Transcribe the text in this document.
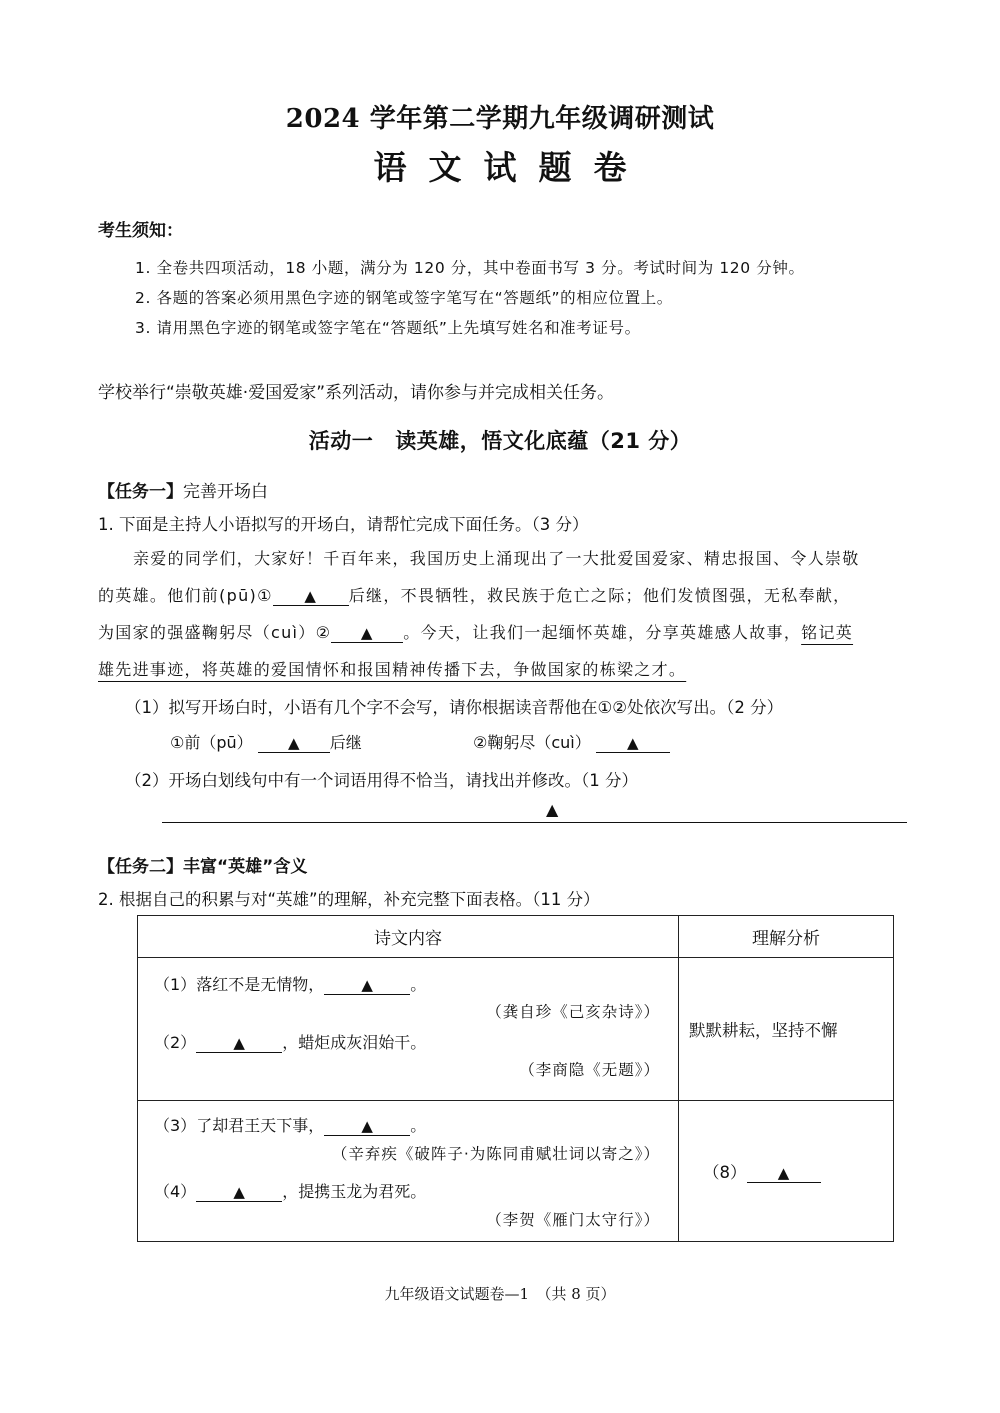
2024 学年第二学期九年级调研测试
语文试题卷
考生须知：
1. 全卷共四项活动，18 小题，满分为 120 分，其中卷面书写 3 分。考试时间为 120 分钟。
2. 各题的答案必须用黑色字迹的钢笔或签字笔写在“答题纸”的相应位置上。
3. 请用黑色字迹的钢笔或签字笔在“答题纸”上先填写姓名和准考证号。
学校举行“崇敬英雄·爱国爱家”系列活动，请你参与并完成相关任务。
活动一 读英雄，悟文化底蕴（21 分）
【任务一】完善开场白
1. 下面是主持人小语拟写的开场白，请帮忙完成下面任务。（3 分）
亲爱的同学们，大家好！千百年来，我国历史上涌现出了一大批爱国爱家、精忠报国、令人崇敬
的英雄。他们前(pū)① ▲ 后继，不畏牺牲，救民族于危亡之际；他们发愤图强，无私奉献，
为国家的强盛鞠躬尽（cuì）② ▲ 。今天，让我们一起缅怀英雄，分享英雄感人故事，铭记英
雄先进事迹，将英雄的爱国情怀和报国精神传播下去，争做国家的栋梁之才。
（1）拟写开场白时，小语有几个字不会写，请你根据读音帮他在①②处依次写出。（2 分）
①前（pū） ▲ 后继	②鞠躬尽（cuì） ▲
（2）开场白划线句中有一个词语用得不恰当，请找出并修改。（1 分）
▲
【任务二】丰富“英雄”含义
2. 根据自己的积累与对“英雄”的理解，补充完整下面表格。（11 分）
诗文内容	理解分析

（1）落红不是无情物， ▲ 。
（龚自珍《己亥杂诗》）
（2） ▲ ，蜡炬成灰泪始干。
（李商隐《无题》）	默默耕耘，坚持不懈

（3）了却君王天下事， ▲ 。
（辛弃疾《破阵子·为陈同甫赋壮词以寄之》）
（4） ▲ ，提携玉龙为君死。
（李贺《雁门太守行》）	（8） ▲
九年级语文试题卷—1　（共 8 页）
